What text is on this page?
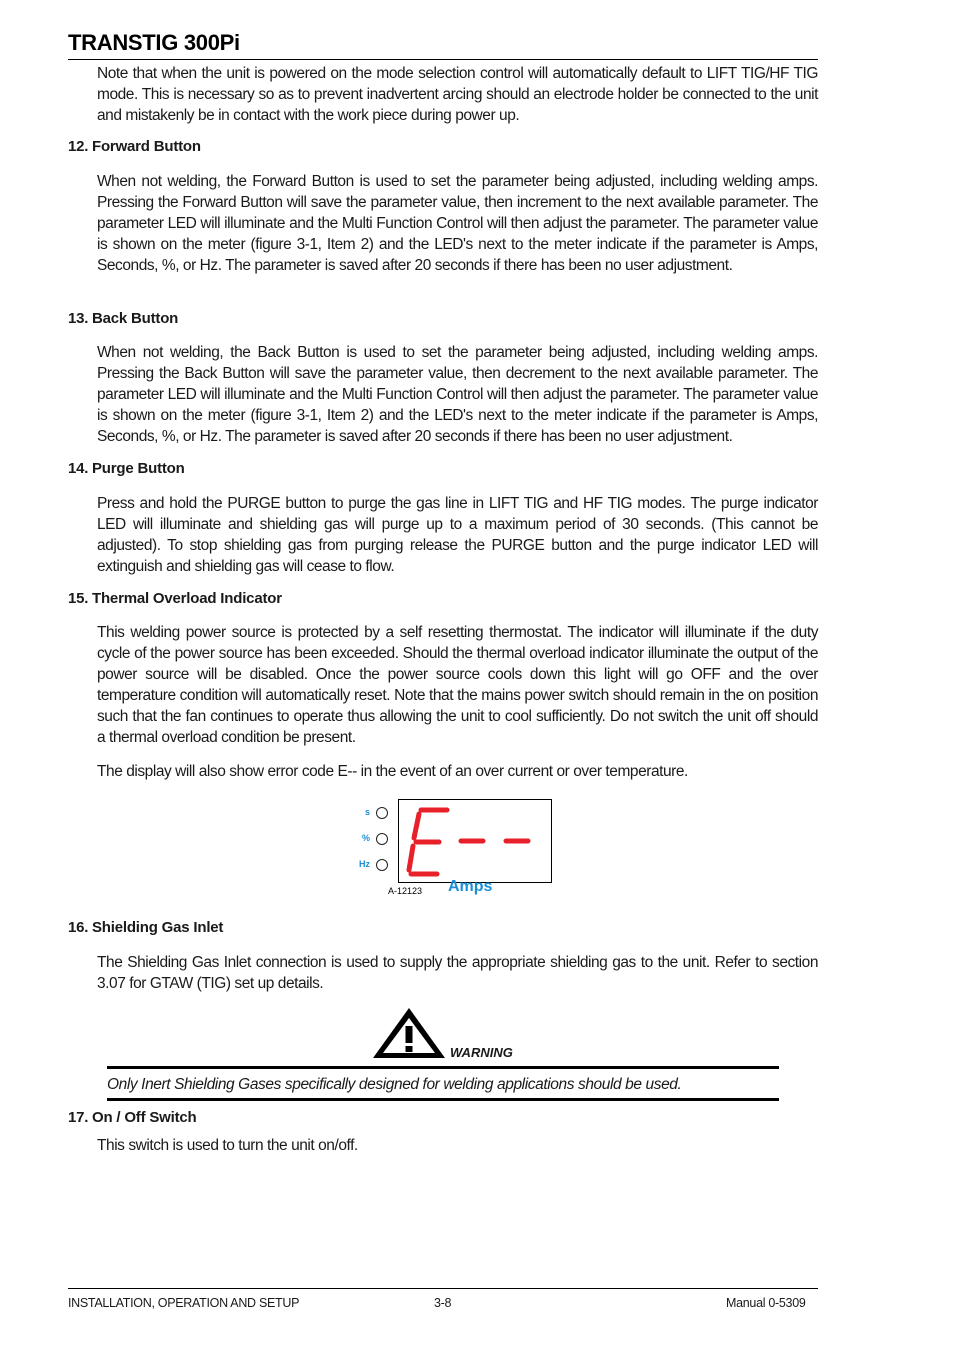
TRANSTIG 300Pi

Note that when the unit is powered on the mode selection control will automatically default to LIFT TIG/HF TIG mode. This is necessary so as to prevent inadvertent arcing should an electrode holder be connected to the unit and mistakenly be in contact with the work piece during power up.

12. Forward Button

When not welding, the Forward Button is used to set the parameter being adjusted, including welding amps. Pressing the Forward Button will save the parameter value, then increment to the next available parameter. The parameter LED will illuminate and the Multi Function Control will then adjust the parameter. The parameter value is shown on the meter (figure 3-1, Item 2) and the LED's next to the meter indicate if the parameter is Amps, Seconds, %, or Hz. The parameter is saved after 20 seconds if there has been no user adjustment.

13. Back Button

When not welding, the Back Button is used to set the parameter being adjusted, including welding amps. Pressing the Back Button will save the parameter value, then decrement to the next available parameter. The parameter LED will illuminate and the Multi Function Control will then adjust the parameter. The parameter value is shown on the meter (figure 3-1, Item 2) and the LED's next to the meter indicate if the parameter is Amps, Seconds, %, or Hz. The parameter is saved after 20 seconds if there has been no user adjustment.

14. Purge Button

Press and hold the PURGE button to purge the gas line in LIFT TIG and HF TIG modes. The purge indicator LED will illuminate and shielding gas will purge up to a maximum period of 30 seconds. (This cannot be adjusted). To stop shielding gas from purging release the PURGE button and the purge indicator LED will extinguish and shielding gas will cease to flow.

15. Thermal Overload Indicator

This welding power source is protected by a self resetting thermostat. The indicator will illuminate if the duty cycle of the power source has been exceeded. Should the thermal overload indicator illuminate the output of the power source will be disabled. Once the power source cools down this light will go OFF and the over temperature condition will automatically reset. Note that the mains power switch should remain in the on position such that the fan continues to operate thus allowing the unit to cool sufficiently. Do not switch the unit off should a thermal overload condition be present.

The display will also show error code E-- in the event of an over current or over temperature.

s
%
Hz
Amps
A-12123
16. Shielding Gas Inlet

The Shielding Gas Inlet connection is used to supply the appropriate shielding gas to the unit. Refer to section 3.07 for GTAW (TIG) set up details.

WARNING
Only Inert Shielding Gases specifically designed for welding applications should be used.
17. On / Off Switch

This switch is used to turn the unit on/off.

INSTALLATION, OPERATION AND SETUP	3-8	Manual 0-5309
